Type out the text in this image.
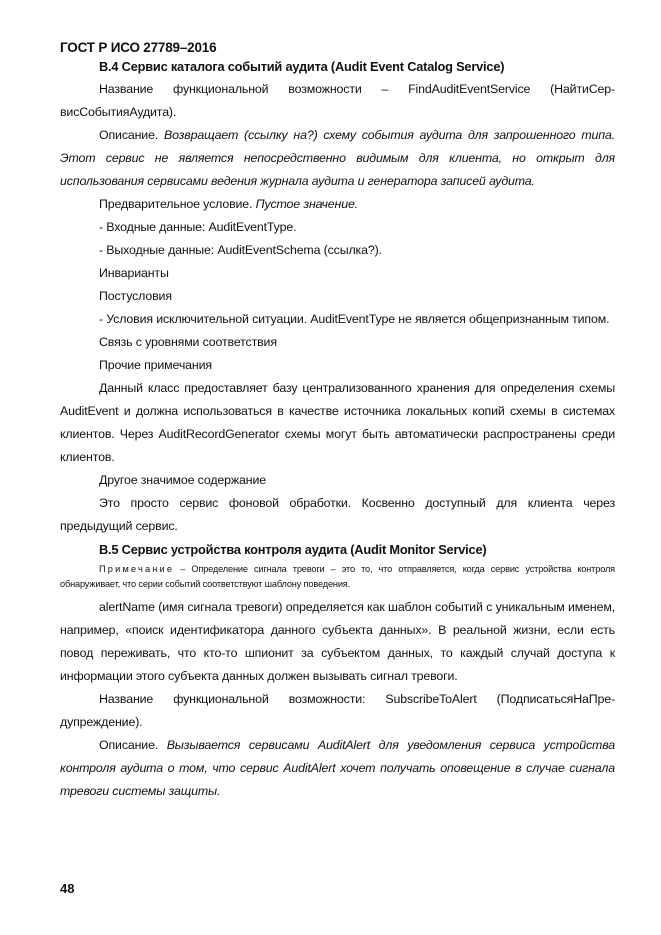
ГОСТ Р ИСО 27789–2016

В.4 Сервис каталога событий аудита (Audit Event Catalog Service)

Название функциональной возможности – FindAuditEventService (НайтиСер-висСобытияАудита).

Описание. Возвращает (ссылку на?) схему события аудита для запрошенного типа. Этот сервис не является непосредственно видимым для клиента, но открыт для использования сервисами ведения журнала аудита и генератора записей аудита.

Предварительное условие. Пустое значение.

- Входные данные: AuditEventType.

- Выходные данные: AuditEventSchema (ссылка?).

Инварианты

Постусловия

- Условия исключительной ситуации. AuditEventType не является общепризнанным типом.

Связь с уровнями соответствия

Прочие примечания

Данный класс предоставляет базу централизованного хранения для определения схемы AuditEvent и должна использоваться в качестве источника локальных копий схемы в системах клиентов. Через AuditRecordGenerator схемы могут быть автоматически распространены среди клиентов.

Другое значимое содержание

Это просто сервис фоновой обработки. Косвенно доступный для клиента через предыдущий сервис.

В.5 Сервис устройства контроля аудита (Audit Monitor Service)

Примечание – Определение сигнала тревоги – это то, что отправляется, когда сервис устройства контроля обнаруживает, что серии событий соответствуют шаблону поведения.

alertName (имя сигнала тревоги) определяется как шаблон событий с уникальным именем, например, «поиск идентификатора данного субъекта данных». В реальной жизни, если есть повод переживать, что кто-то шпионит за субъектом данных, то каждый случай доступа к информации этого субъекта данных должен вызывать сигнал тревоги.

Название функциональной возможности: SubscribeToAlert (ПодписатьсяНаПре-дупреждение).

Описание. Вызывается сервисами AuditAlert для уведомления сервиса устройства контроля аудита о том, что сервис AuditAlert хочет получать оповещение в случае сигнала тревоги системы защиты.

48
